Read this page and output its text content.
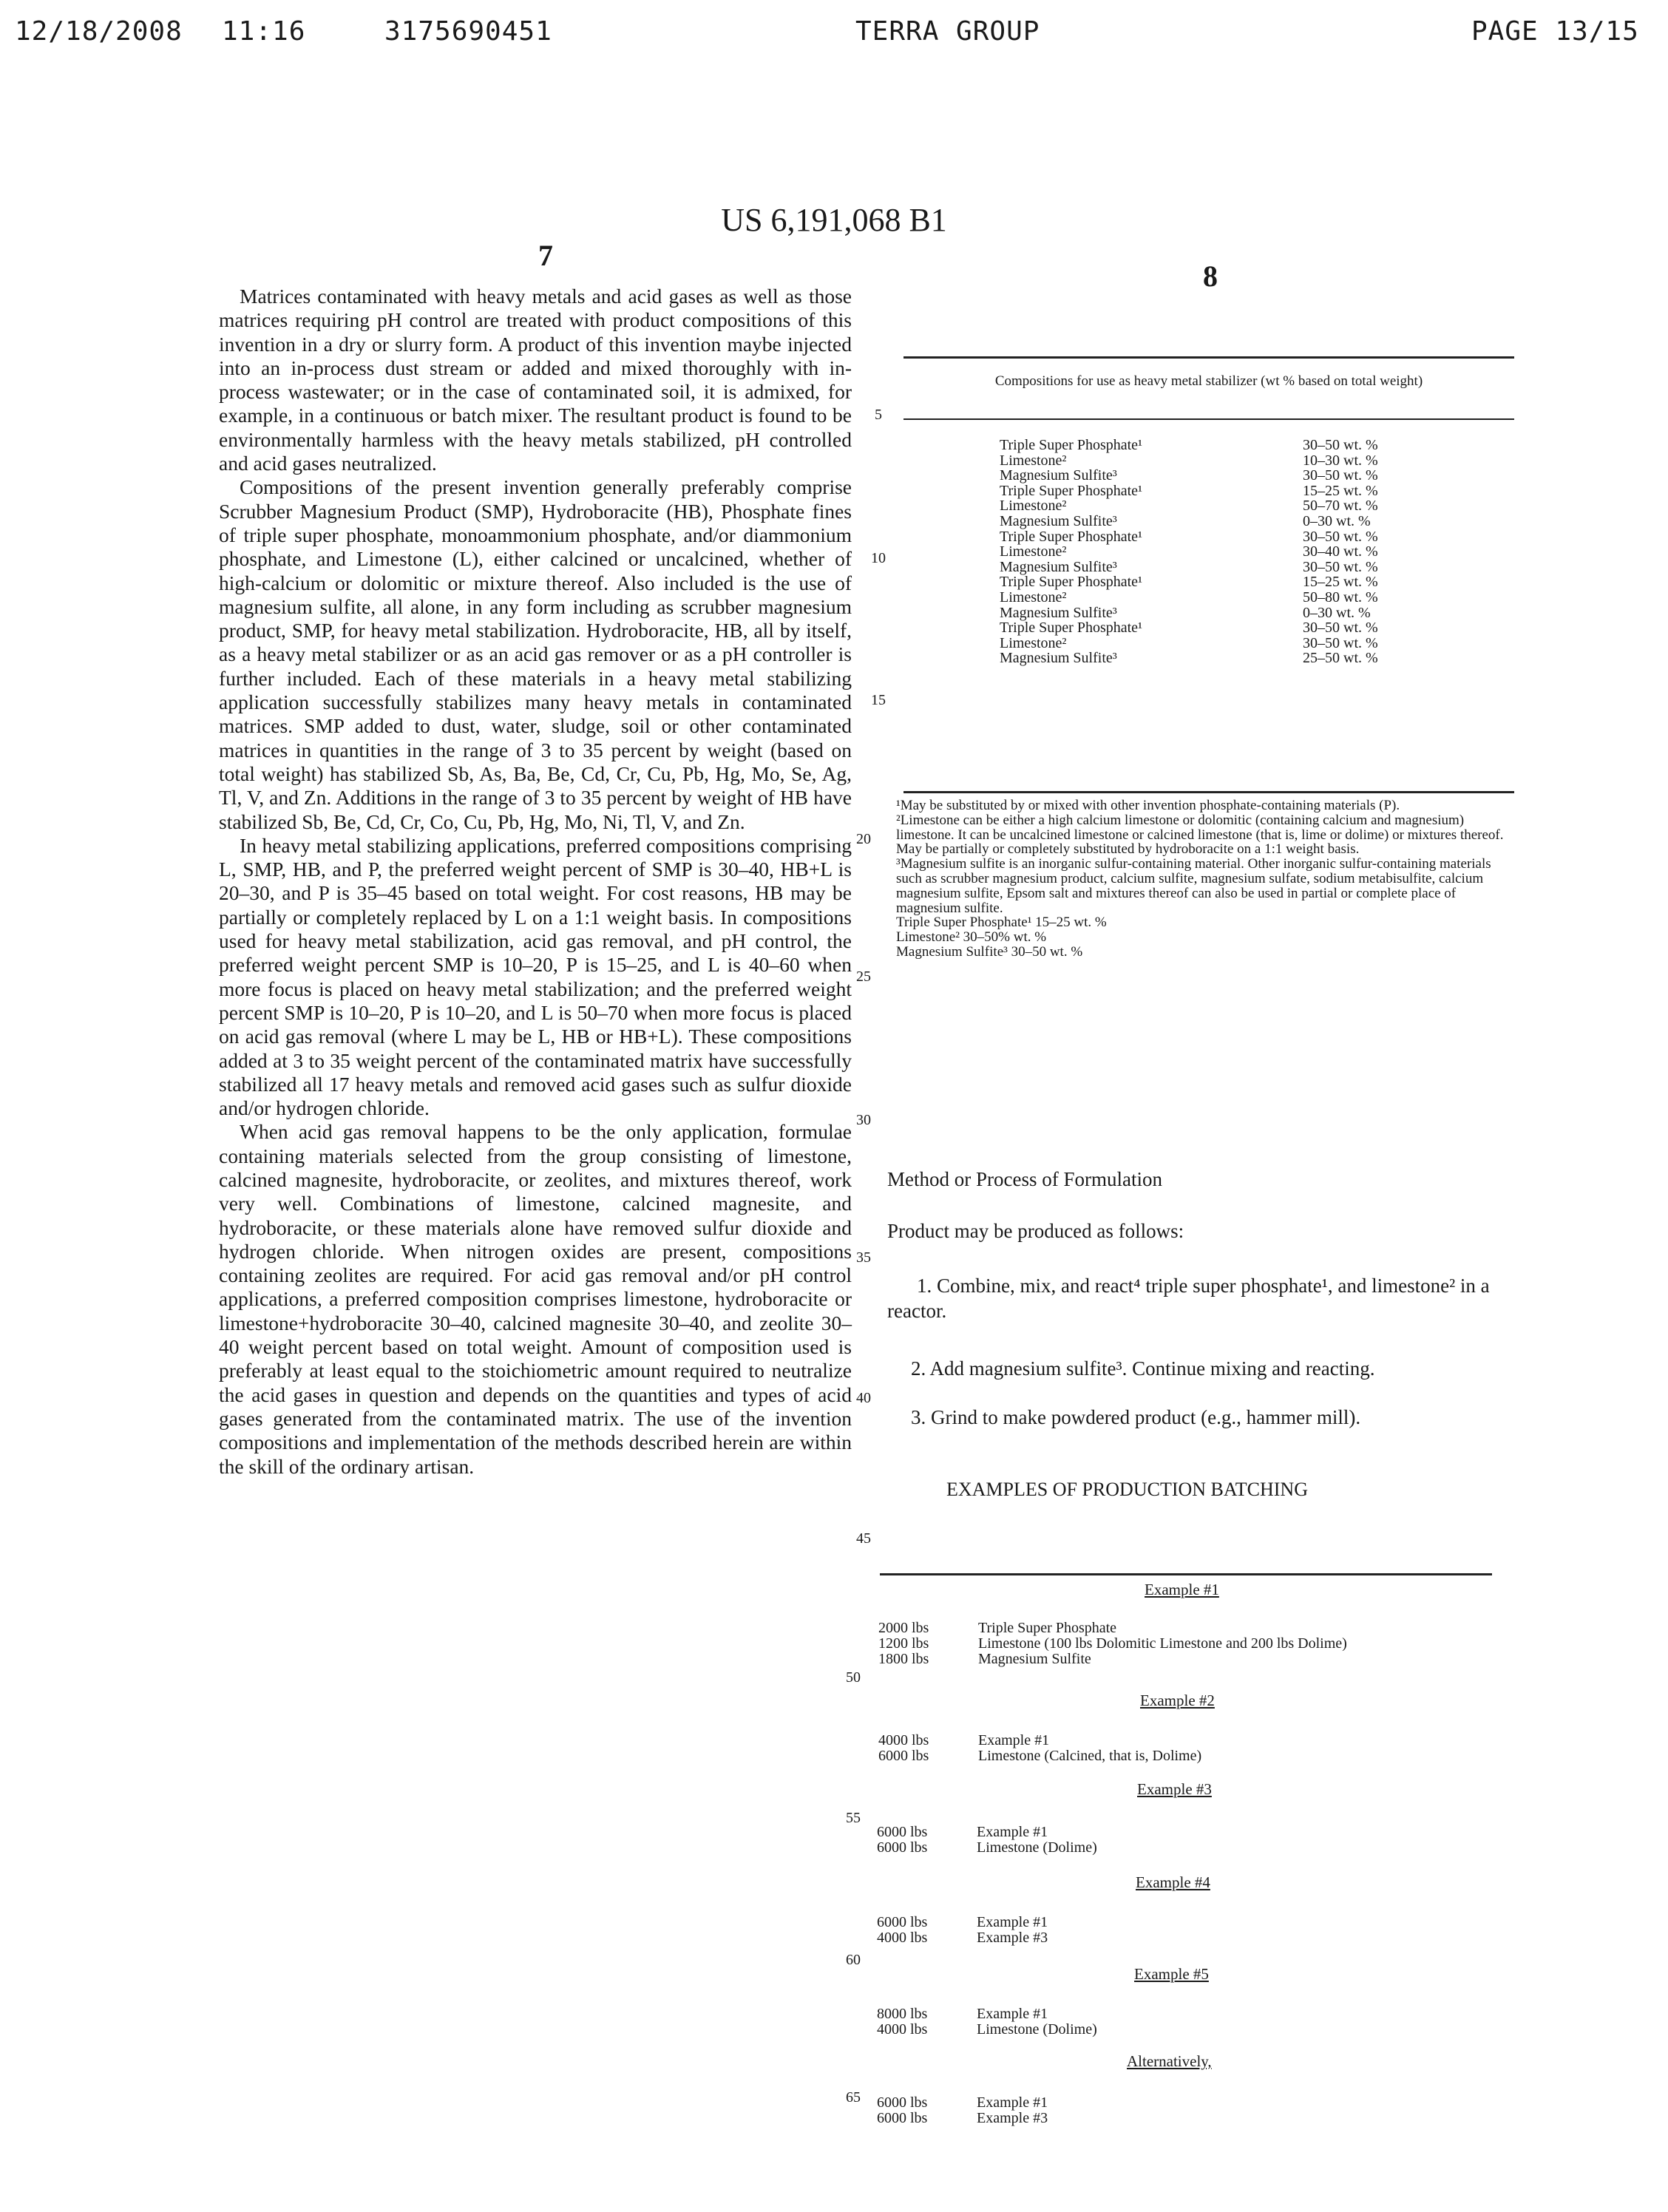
12/18/2008 11:16	3175690451	TERRA GROUP	PAGE 13/15
US 6,191,068 B1
7
8

Matrices contaminated with heavy metals and acid gases as well as those matrices requiring pH control are treated with product compositions of this invention in a dry or slurry form. A product of this invention maybe injected into an in-process dust stream or added and mixed thoroughly with in-process wastewater; or in the case of contaminated soil, it is admixed, for example, in a continuous or batch mixer. The resultant product is found to be environmentally harmless with the heavy metals stabilized, pH controlled and acid gases neutralized.

Compositions of the present invention generally preferably comprise Scrubber Magnesium Product (SMP), Hydroboracite (HB), Phosphate fines of triple super phosphate, monoammonium phosphate, and/or diammonium phosphate, and Limestone (L), either calcined or uncalcined, whether of high-calcium or dolomitic or mixture thereof. Also included is the use of magnesium sulfite, all alone, in any form including as scrubber magnesium product, SMP, for heavy metal stabilization. Hydroboracite, HB, all by itself, as a heavy metal stabilizer or as an acid gas remover or as a pH controller is further included. Each of these materials in a heavy metal stabilizing application successfully stabilizes many heavy metals in contaminated matrices. SMP added to dust, water, sludge, soil or other contaminated matrices in quantities in the range of 3 to 35 percent by weight (based on total weight) has stabilized Sb, As, Ba, Be, Cd, Cr, Cu, Pb, Hg, Mo, Se, Ag, Tl, V, and Zn. Additions in the range of 3 to 35 percent by weight of HB have stabilized Sb, Be, Cd, Cr, Co, Cu, Pb, Hg, Mo, Ni, Tl, V, and Zn.

In heavy metal stabilizing applications, preferred compositions comprising L, SMP, HB, and P, the preferred weight percent of SMP is 30–40, HB+L is 20–30, and P is 35–45 based on total weight. For cost reasons, HB may be partially or completely replaced by L on a 1:1 weight basis. In compositions used for heavy metal stabilization, acid gas removal, and pH control, the preferred weight percent SMP is 10–20, P is 15–25, and L is 40–60 when more focus is placed on heavy metal stabilization; and the preferred weight percent SMP is 10–20, P is 10–20, and L is 50–70 when more focus is placed on acid gas removal (where L may be L, HB or HB+L). These compositions added at 3 to 35 weight percent of the contaminated matrix have successfully stabilized all 17 heavy metals and removed acid gases such as sulfur dioxide and/or hydrogen chloride.

When acid gas removal happens to be the only application, formulae containing materials selected from the group consisting of limestone, calcined magnesite, hydroboracite, or zeolites, and mixtures thereof, work very well. Combinations of limestone, calcined magnesite, and hydroboracite, or these materials alone have removed sulfur dioxide and hydrogen chloride. When nitrogen oxides are present, compositions containing zeolites are required. For acid gas removal and/or pH control applications, a preferred composition comprises limestone, hydroboracite or limestone+hydroboracite 30–40, calcined magnesite 30–40, and zeolite 30–40 weight percent based on total weight. Amount of composition used is preferably at least equal to the stoichiometric amount required to neutralize the acid gases in question and depends on the quantities and types of acid gases generated from the contaminated matrix. The use of the invention compositions and implementation of the methods described herein are within the skill of the ordinary artisan.

5
10
15
20
25
30
35
40
45
50
55
60
65
Compositions for use as heavy metal stabilizer (wt % based on total weight)
Triple Super Phosphate¹	30–50 wt. %
Limestone²	10–30 wt. %
Magnesium Sulfite³	30–50 wt. %
Triple Super Phosphate¹	15–25 wt. %
Limestone²	50–70 wt. %
Magnesium Sulfite³	0–30 wt. %
Triple Super Phosphate¹	30–50 wt. %
Limestone²	30–40 wt. %
Magnesium Sulfite³	30–50 wt. %
Triple Super Phosphate¹	15–25 wt. %
Limestone²	50–80 wt. %
Magnesium Sulfite³	0–30 wt. %
Triple Super Phosphate¹	30–50 wt. %
Limestone²	30–50 wt. %
Magnesium Sulfite³	25–50 wt. %
¹May be substituted by or mixed with other invention phosphate-containing materials (P).
²Limestone can be either a high calcium limestone or dolomitic (containing calcium and magnesium) limestone. It can be uncalcined limestone or calcined limestone (that is, lime or dolime) or mixtures thereof. May be partially or completely substituted by hydroboracite on a 1:1 weight basis.
³Magnesium sulfite is an inorganic sulfur-containing material. Other inorganic sulfur-containing materials such as scrubber magnesium product, calcium sulfite, magnesium sulfate, sodium metabisulfite, calcium magnesium sulfite, Epsom salt and mixtures thereof can also be used in partial or complete place of magnesium sulfite.
Triple Super Phosphate¹ 15–25 wt. %
Limestone² 30–50% wt. %
Magnesium Sulfite³ 30–50 wt. %
Method or Process of Formulation
Product may be produced as follows:
1. Combine, mix, and react⁴ triple super phosphate¹, and limestone² in a reactor.
2. Add magnesium sulfite³. Continue mixing and reacting.
3. Grind to make powdered product (e.g., hammer mill).
EXAMPLES OF PRODUCTION BATCHING
Example #1
2000 lbs	Triple Super Phosphate
1200 lbs	Limestone (100 lbs Dolomitic Limestone and 200 lbs Dolime)
1800 lbs	Magnesium Sulfite
Example #2
4000 lbs	Example #1
6000 lbs	Limestone (Calcined, that is, Dolime)
Example #3
6000 lbs	Example #1
6000 lbs	Limestone (Dolime)
Example #4
6000 lbs	Example #1
4000 lbs	Example #3
Example #5
8000 lbs	Example #1
4000 lbs	Limestone (Dolime)
Alternatively,
6000 lbs	Example #1
6000 lbs	Example #3
